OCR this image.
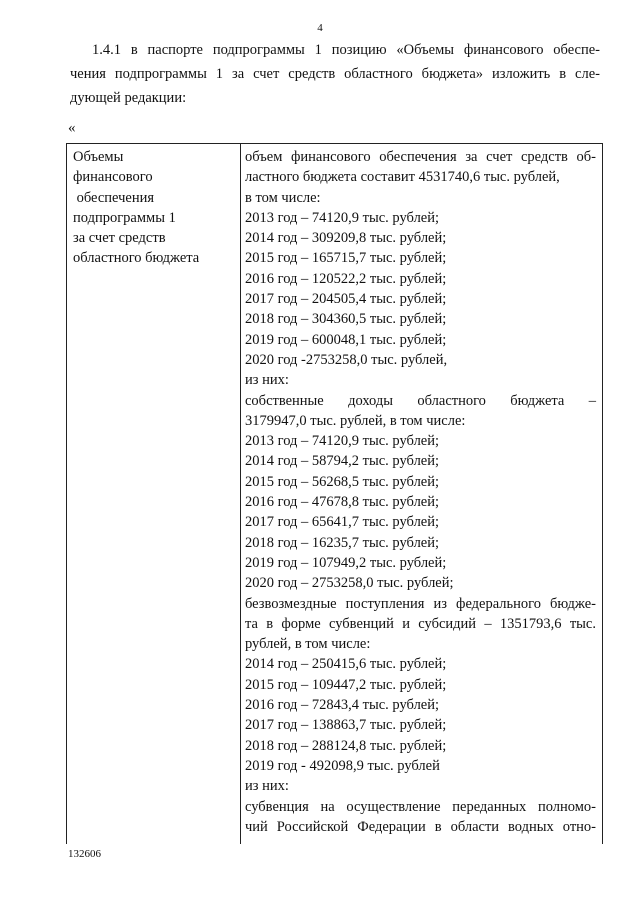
4
1.4.1 в паспорте подпрограммы 1 позицию «Объемы финансового обеспе-
чения подпрограммы 1 за счет средств областного бюджета» изложить в сле-
дующей редакции:
«
Объемы
финансового
обеспечения
подпрограммы 1
за счет средств
областного бюджета
объем финансового обеспечения за счет средств об-
ластного бюджета составит 4531740,6 тыс. рублей,
в том числе:
2013 год – 74120,9 тыс. рублей;
2014 год – 309209,8 тыс. рублей;
2015 год – 165715,7 тыс. рублей;
2016 год – 120522,2 тыс. рублей;
2017 год – 204505,4 тыс. рублей;
2018 год – 304360,5 тыс. рублей;
2019 год – 600048,1 тыс. рублей;
2020 год -2753258,0 тыс. рублей,
из них:
собственные доходы областного бюджета –
3179947,0 тыс. рублей, в том числе:
2013 год – 74120,9 тыс. рублей;
2014 год – 58794,2 тыс. рублей;
2015 год – 56268,5 тыс. рублей;
2016 год – 47678,8 тыс. рублей;
2017 год – 65641,7 тыс. рублей;
2018 год – 16235,7 тыс. рублей;
2019 год – 107949,2 тыс. рублей;
2020 год – 2753258,0 тыс. рублей;
безвозмездные поступления из федерального бюдже-
та в форме субвенций и субсидий – 1351793,6 тыс.
рублей, в том числе:
2014 год – 250415,6 тыс. рублей;
2015 год – 109447,2 тыс. рублей;
2016 год – 72843,4 тыс. рублей;
2017 год – 138863,7 тыс. рублей;
2018 год – 288124,8 тыс. рублей;
2019 год - 492098,9 тыс. рублей
из них:
субвенция на осуществление переданных полномо-
чий Российской Федерации в области водных отно-
132606
